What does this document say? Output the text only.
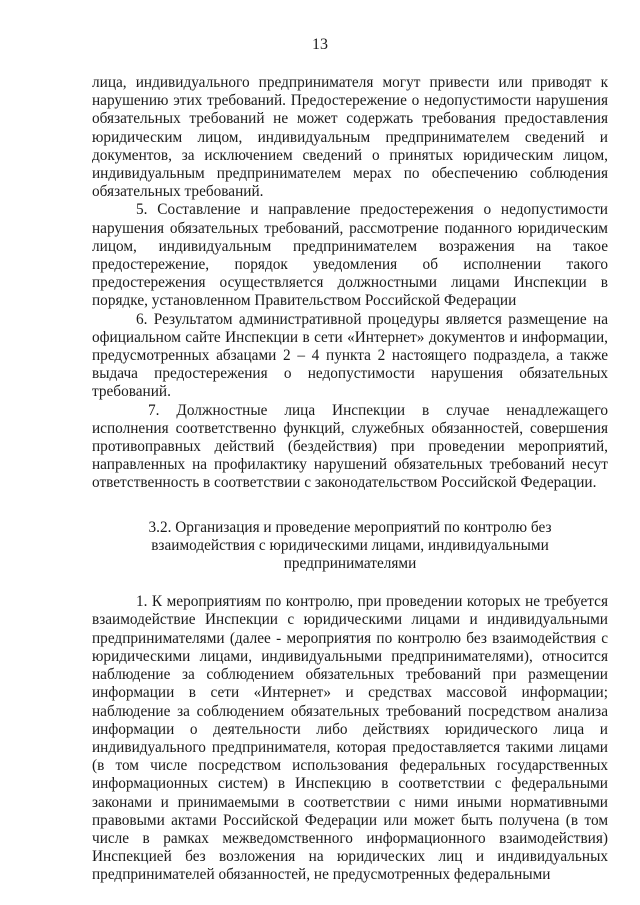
13

лица, индивидуального предпринимателя могут привести или приводят к нарушению этих требований. Предостережение о недопустимости нарушения обязательных требований не может содержать требования предоставления юридическим лицом, индивидуальным предпринимателем сведений и документов, за исключением сведений о принятых юридическим лицом, индивидуальным предпринимателем мерах по обеспечению соблюдения обязательных требований.

5. Составление и направление предостережения о недопустимости нарушения обязательных требований, рассмотрение поданного юридическим лицом, индивидуальным предпринимателем возражения на такое предостережение, порядок уведомления об исполнении такого предостережения осуществляется должностными лицами Инспекции в порядке, установленном Правительством Российской Федерации

6. Результатом административной процедуры является размещение на официальном сайте Инспекции в сети «Интернет» документов и информации, предусмотренных абзацами 2 – 4 пункта 2 настоящего подраздела, а также выдача предостережения о недопустимости нарушения обязательных требований.

7. Должностные лица Инспекции в случае ненадлежащего исполнения соответственно функций, служебных обязанностей, совершения противоправных действий (бездействия) при проведении мероприятий, направленных на профилактику нарушений обязательных требований несут ответственность в соответствии с законодательством Российской Федерации.

3.2. Организация и проведение мероприятий по контролю без взаимодействия с юридическими лицами, индивидуальными предпринимателями

1. К мероприятиям по контролю, при проведении которых не требуется взаимодействие Инспекции с юридическими лицами и индивидуальными предпринимателями (далее - мероприятия по контролю без взаимодействия с юридическими лицами, индивидуальными предпринимателями), относится наблюдение за соблюдением обязательных требований при размещении информации в сети «Интернет» и средствах массовой информации; наблюдение за соблюдением обязательных требований посредством анализа информации о деятельности либо действиях юридического лица и индивидуального предпринимателя, которая предоставляется такими лицами (в том числе посредством использования федеральных государственных информационных систем) в Инспекцию в соответствии с федеральными законами и принимаемыми в соответствии с ними иными нормативными правовыми актами Российской Федерации или может быть получена (в том числе в рамках межведомственного информационного взаимодействия) Инспекцией без возложения на юридических лиц и индивидуальных предпринимателей обязанностей, не предусмотренных федеральными
